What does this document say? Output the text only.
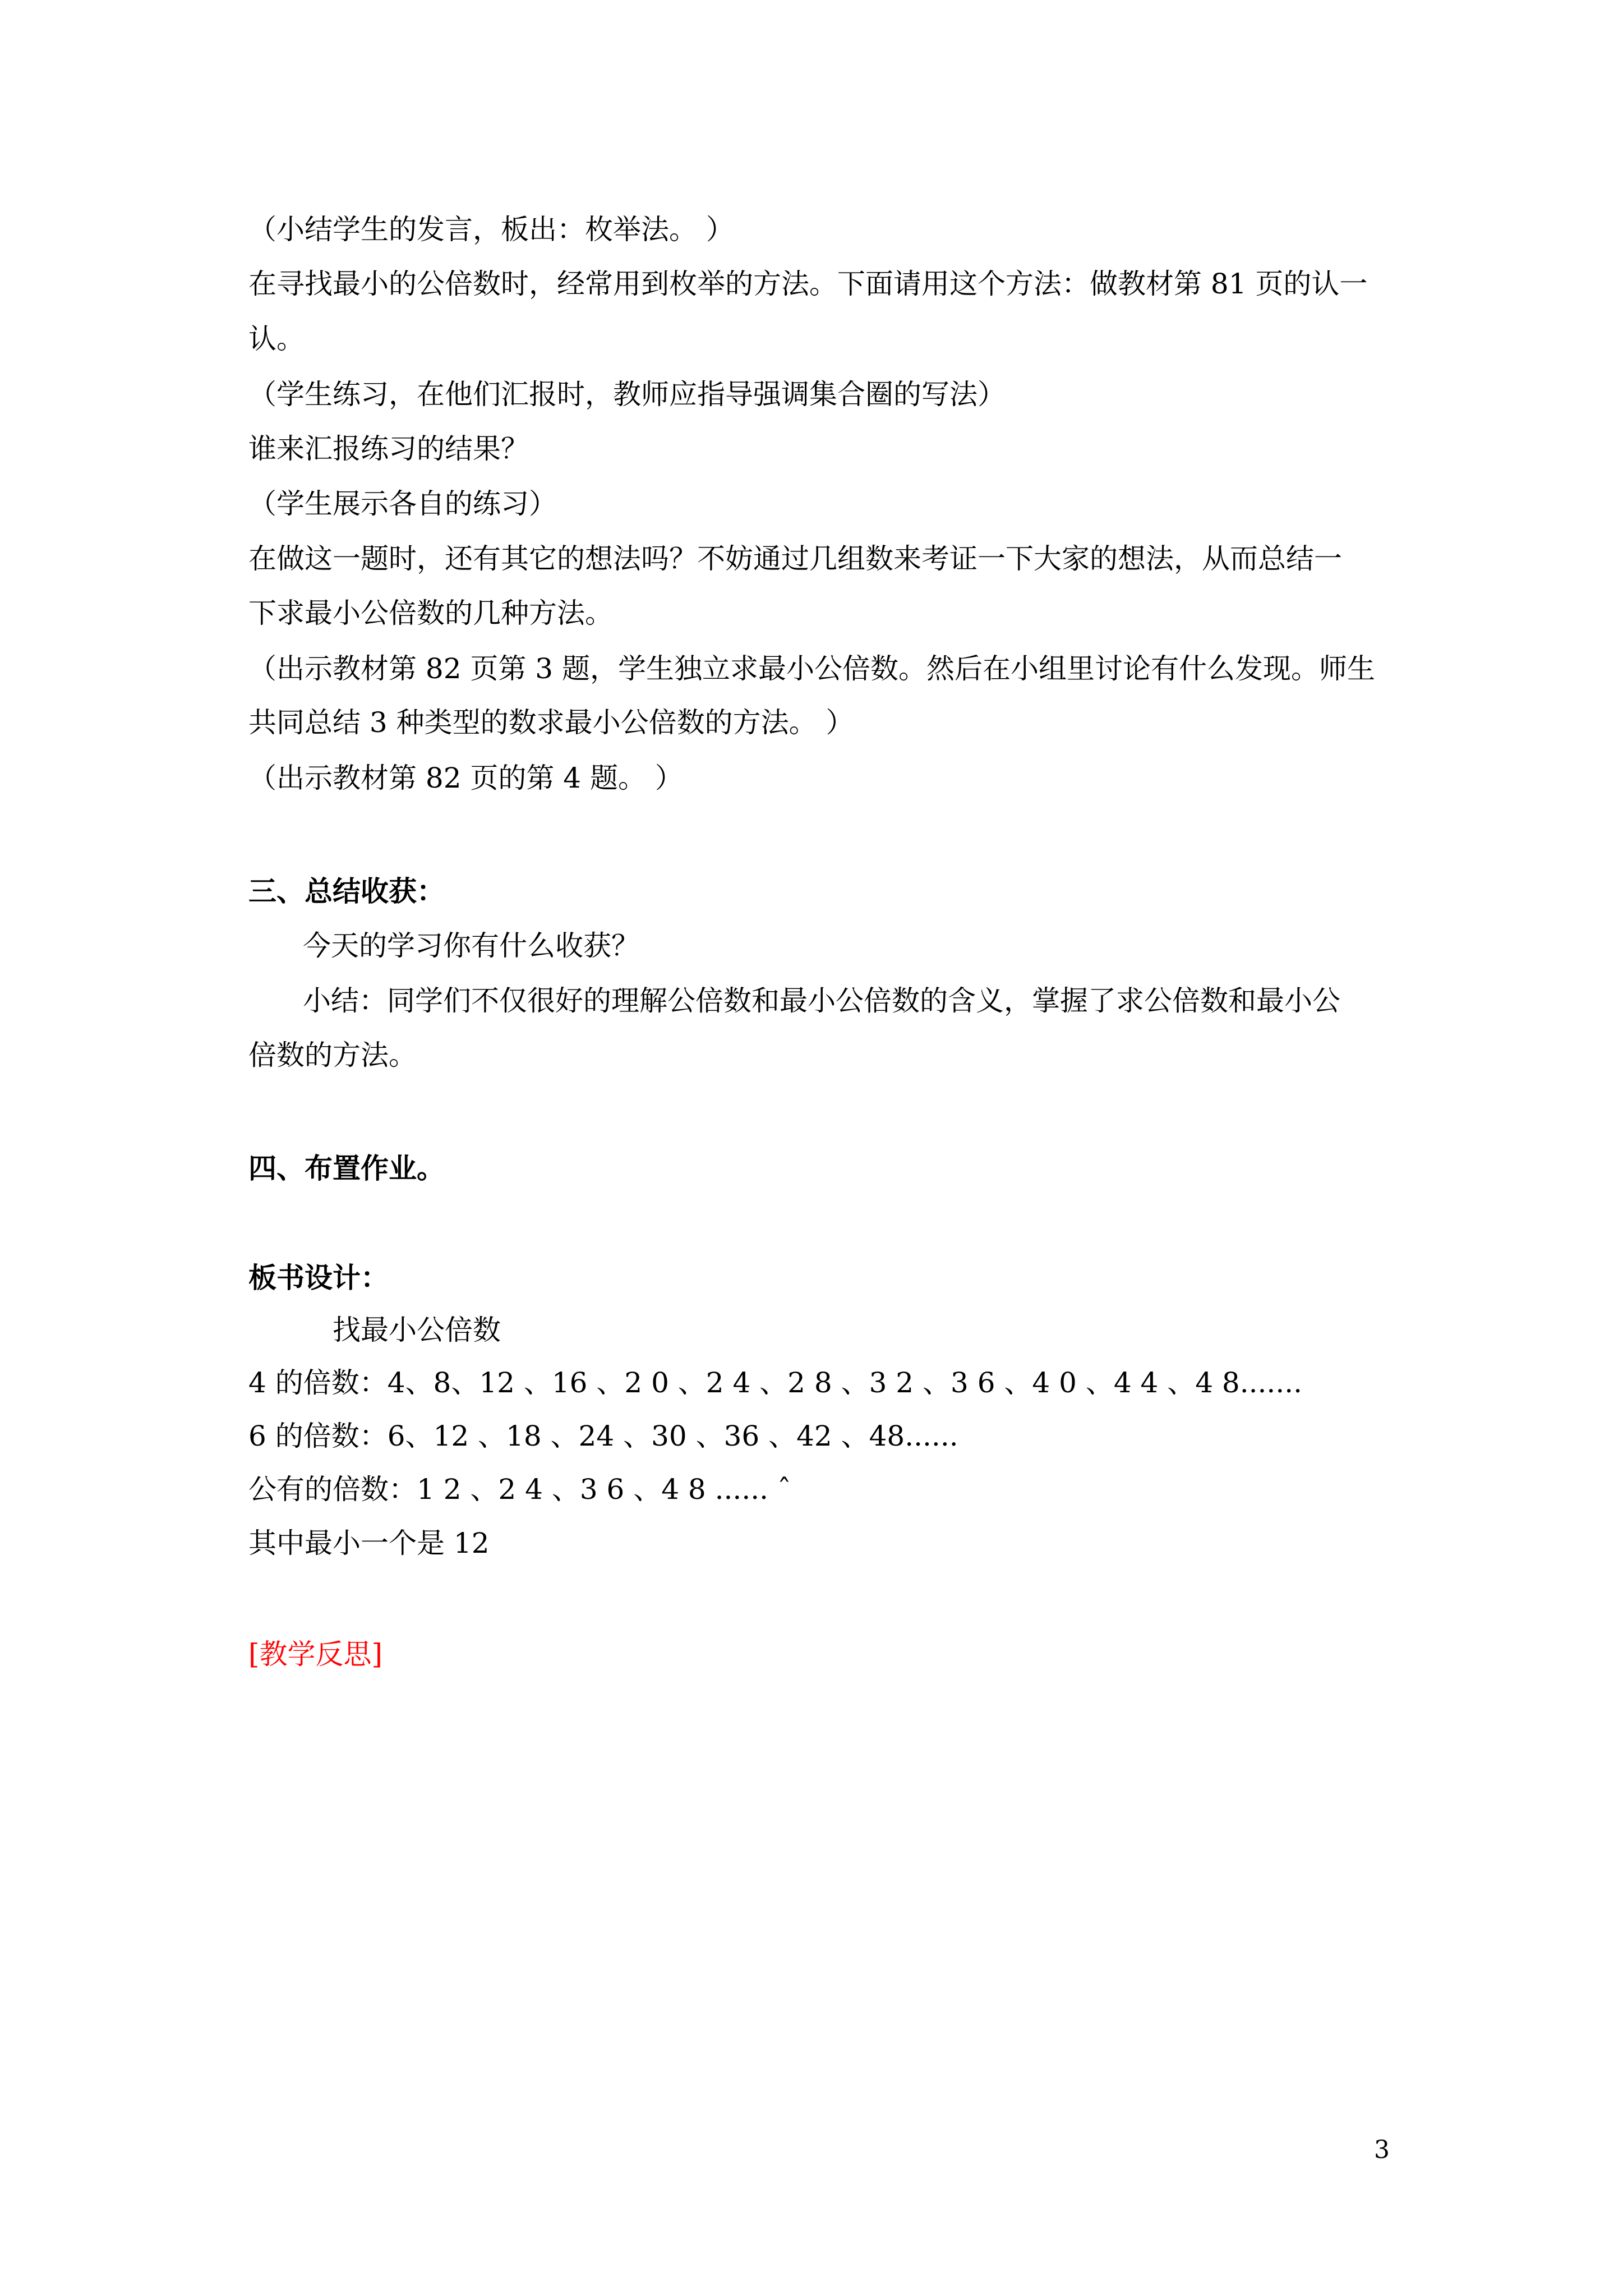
（小结学生的发言，板出：枚举法。 ）
在寻找最小的公倍数时，经常用到枚举的方法。下面请用这个方法：做教材第 81 页的认一
认。
（学生练习，在他们汇报时，教师应指导强调集合圈的写法）
谁来汇报练习的结果？
（学生展示各自的练习）
在做这一题时，还有其它的想法吗？不妨通过几组数来考证一下大家的想法，从而总结一
下求最小公倍数的几种方法。
（出示教材第 82 页第 3 题，学生独立求最小公倍数。然后在小组里讨论有什么发现。师生
共同总结 3 种类型的数求最小公倍数的方法。 ）
（出示教材第 82 页的第 4 题。 ）
三、总结收获：
今天的学习你有什么收获？
小结：同学们不仅很好的理解公倍数和最小公倍数的含义，掌握了求公倍数和最小公
倍数的方法。
四、布置作业。
板书设计：
找最小公倍数
4 的倍数：4、8、12 、16 、2 0 、2 4 、2 8 、3 2 、3 6 、4 0 、4 4 、4 8.......
6 的倍数：6、12 、18 、24 、30 、36 、42 、48......
公有的倍数：1 2 、2 4 、3 6 、4 8 ...... ˆ
其中最小一个是 12
[教学反思]
3
